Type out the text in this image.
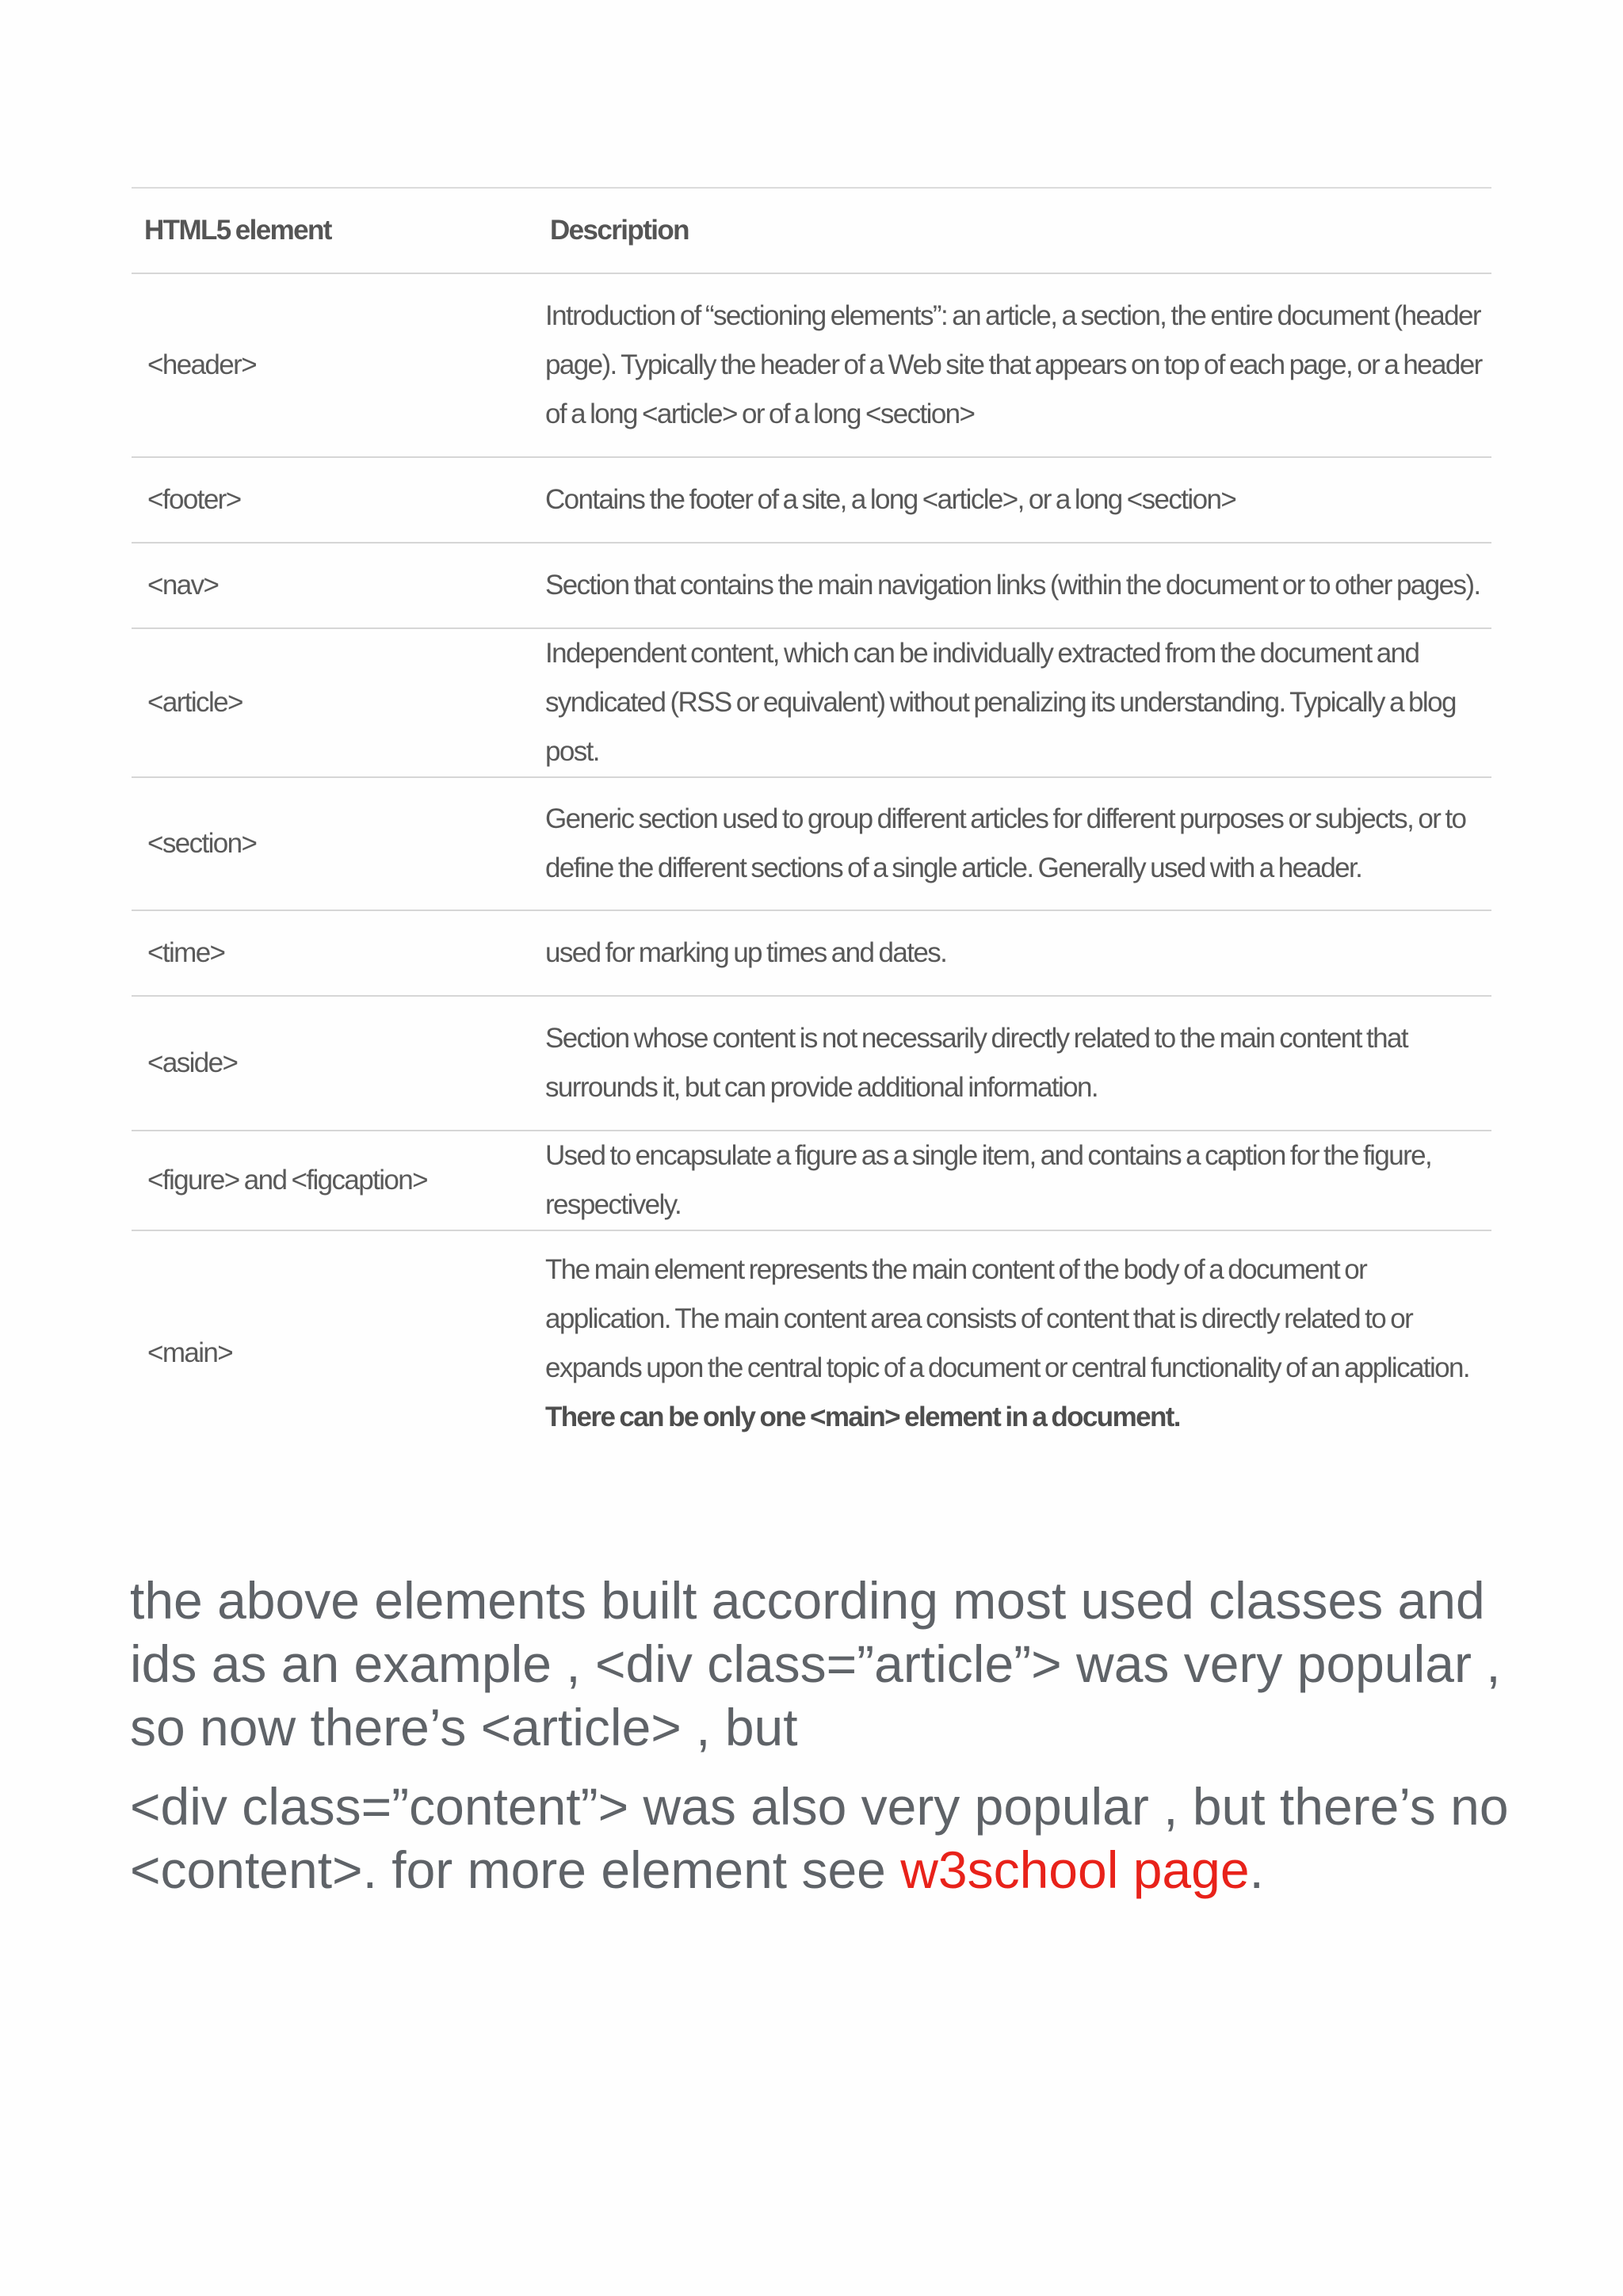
HTML5 element	Description
<header>	Introduction of “sectioning elements”: an article, a section, the entire document (header page). Typically the header of a Web site that appears on top of each page, or a header of a long <article> or of a long <section>
<footer>	Contains the footer of a site, a long <article>, or a long <section>
<nav>	Section that contains the main navigation links (within the document or to other pages).
<article>	Independent content, which can be individually extracted from the document and syndicated (RSS or equivalent) without penalizing its understanding. Typically a blog post.
<section>	Generic section used to group different articles for different purposes or subjects, or to define the different sections of a single article. Generally used with a header.
<time>	used for marking up times and dates.
<aside>	Section whose content is not necessarily directly related to the main content that surrounds it, but can provide additional information.
<figure> and <figcaption>	Used to encapsulate a figure as a single item, and contains a caption for the figure, respectively.
<main>	The main element represents the main content of the body of a document or application. The main content area consists of content that is directly related to or expands upon the central topic of a document or central functionality of an application. There can be only one <main> element in a document.

the above elements built according most used classes and ids as an example , <div class=”article”> was very popular , so now there’s <article> , but

<div class=”content”> was also very popular , but there’s no <content>. for more element see w3school page.
